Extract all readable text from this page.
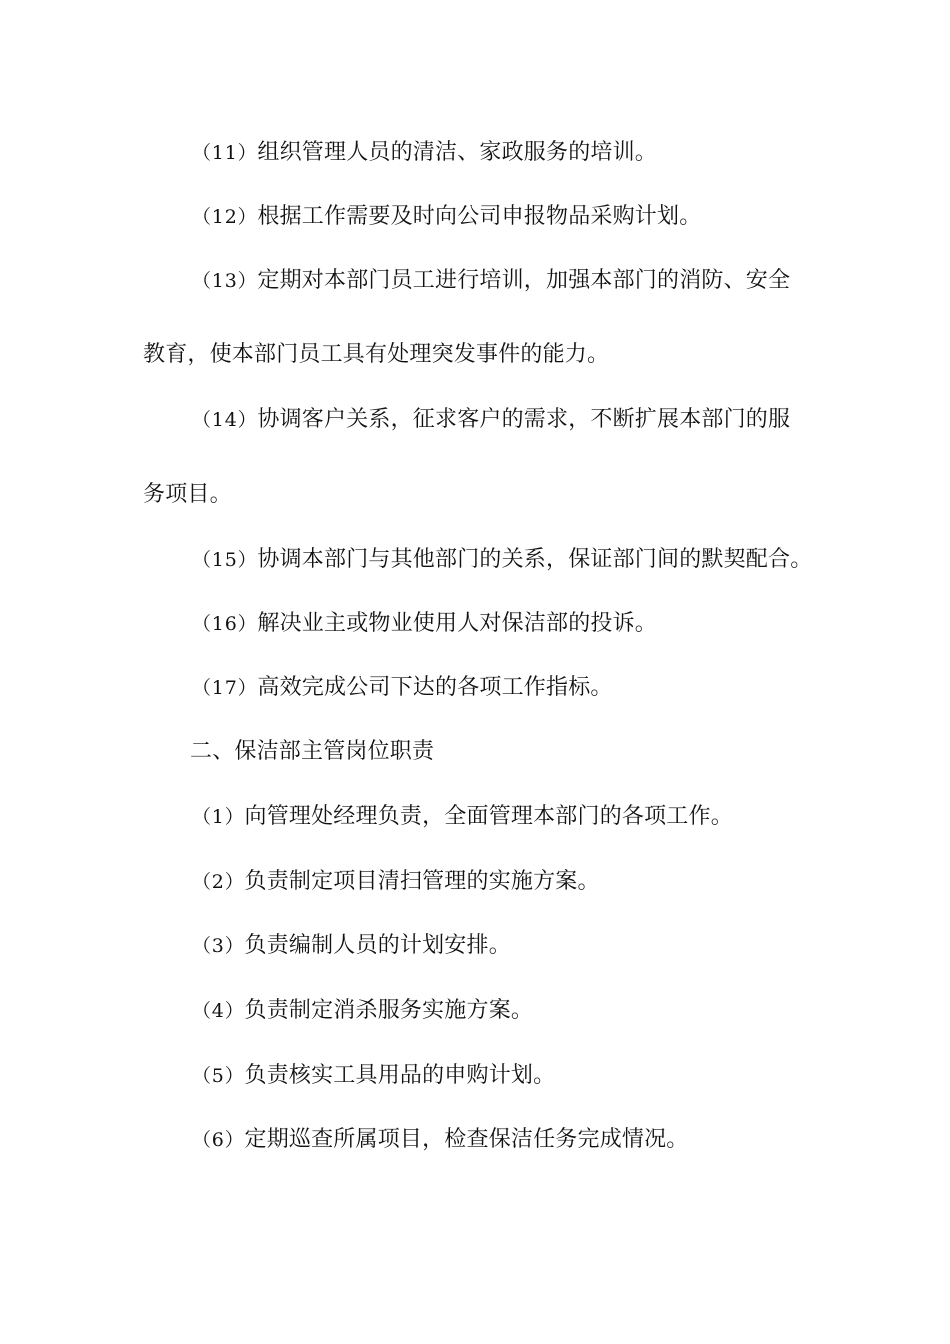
（11）组织管理人员的清洁、家政服务的培训。
（12）根据工作需要及时向公司申报物品采购计划。
（13）定期对本部门员工进行培训，加强本部门的消防、安全
教育，使本部门员工具有处理突发事件的能力。
（14）协调客户关系，征求客户的需求，不断扩展本部门的服
务项目。
（15）协调本部门与其他部门的关系，保证部门间的默契配合。
（16）解决业主或物业使用人对保洁部的投诉。
（17）高效完成公司下达的各项工作指标。
二、保洁部主管岗位职责
（1）向管理处经理负责，全面管理本部门的各项工作。
（2）负责制定项目清扫管理的实施方案。
（3）负责编制人员的计划安排。
（4）负责制定消杀服务实施方案。
（5）负责核实工具用品的申购计划。
（6）定期巡查所属项目，检查保洁任务完成情况。
